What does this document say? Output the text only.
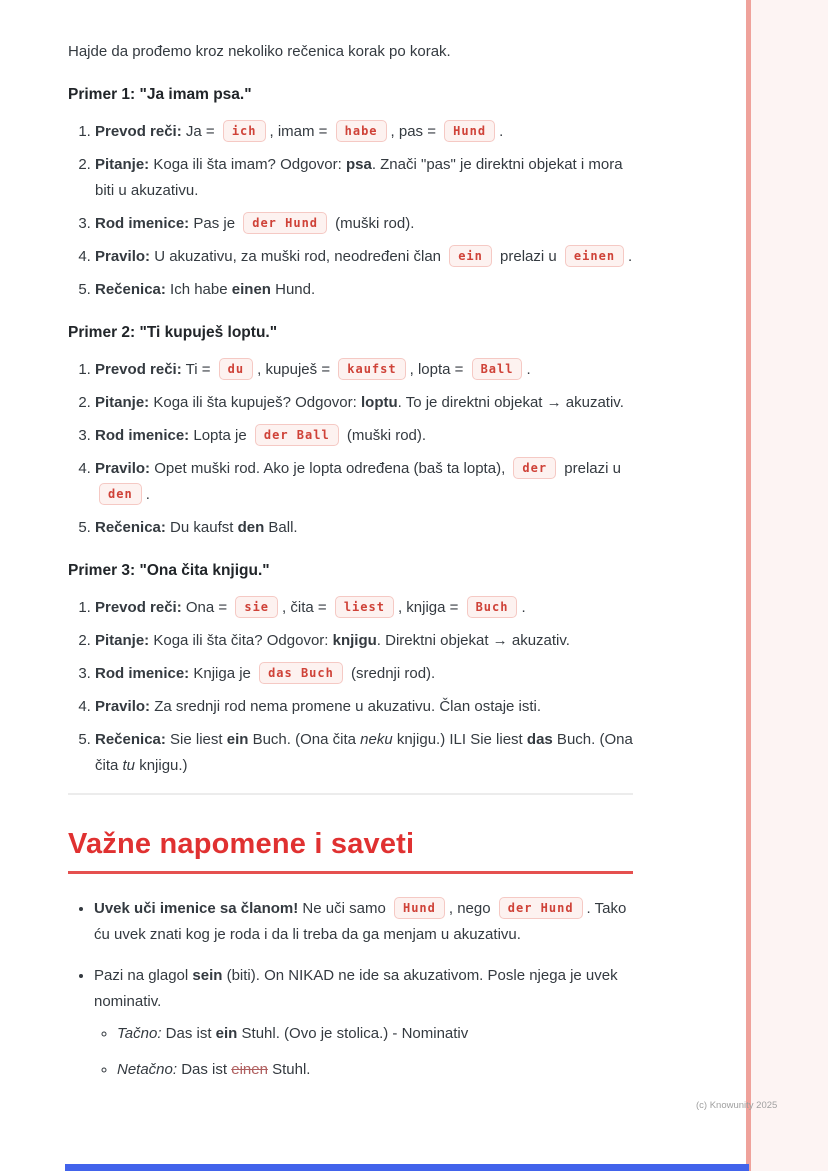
Hajde da prođemo kroz nekoliko rečenica korak po korak.

Primer 1: "Ja imam psa."
1. Prevod reči: Ja = ich , imam = habe , pas = Hund .
2. Pitanje: Koga ili šta imam? Odgovor: psa. Znači "pas" je direktni objekat i mora biti u akuzativu.
3. Rod imenice: Pas je der Hund (muški rod).
4. Pravilo: U akuzativu, za muški rod, neodređeni član ein prelazi u einen .
5. Rečenica: Ich habe einen Hund.
Primer 2: "Ti kupuješ loptu."
1. Prevod reči: Ti = du , kupuješ = kaufst , lopta = Ball .
2. Pitanje: Koga ili šta kupuješ? Odgovor: loptu. To je direktni objekat → akuzativ.
3. Rod imenice: Lopta je der Ball (muški rod).
4. Pravilo: Opet muški rod. Ako je lopta određena (baš ta lopta), der prelazi u den .
5. Rečenica: Du kaufst den Ball.
Primer 3: "Ona čita knjigu."
1. Prevod reči: Ona = sie , čita = liest , knjiga = Buch .
2. Pitanje: Koga ili šta čita? Odgovor: knjigu. Direktni objekat → akuzativ.
3. Rod imenice: Knjiga je das Buch (srednji rod).
4. Pravilo: Za srednji rod nema promene u akuzativu. Član ostaje isti.
5. Rečenica: Sie liest ein Buch. (Ona čita neku knjigu.) ILI Sie liest das Buch. (Ona čita tu knjigu.)
Važne napomene i saveti
• Uvek uči imenice sa članom! Ne uči samo Hund , nego der Hund . Tako ću uvek znati kog je roda i da li treba da ga menjam u akuzativu.
• Pazi na glagol sein (biti). On NIKAD ne ide sa akuzativom. Posle njega je uvek nominativ.
◦ Tačno: Das ist ein Stuhl. (Ovo je stolica.) - Nominativ
◦ Netačno: Das ist einen Stuhl.
(c) Knowunity 2025
